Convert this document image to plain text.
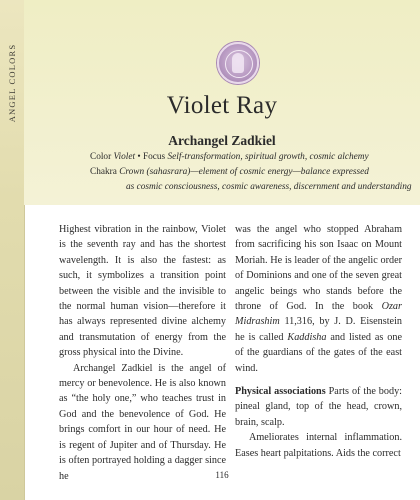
ANGEL COLORS	Violet Ray
Archangel Zadkiel
Color Violet • Focus Self-transformation, spiritual growth, cosmic alchemy
Chakra Crown (sahasrara)—element of cosmic energy—balance expressed
as cosmic consciousness, cosmic awareness, discernment and understanding

Highest vibration in the rainbow, Violet is the seventh ray and has the shortest wavelength. It is also the fastest: as such, it symbolizes a transition point between the visible and the invisible to the normal human vision—therefore it has always represented divine alchemy and transmutation of energy from the gross physical into the Divine.

Archangel Zadkiel is the angel of mercy or benevolence. He is also known as “the holy one,” who teaches trust in God and the benevolence of God. He brings comfort in our hour of need. He is regent of Jupiter and of Thursday. He is often portrayed holding a dagger since he

was the angel who stopped Abraham from sacrificing his son Isaac on Mount Moriah. He is leader of the angelic order of Dominions and one of the seven great angelic beings who stands before the throne of God. In the book Ozar Midrashim 11,316, by J. D. Eisenstein he is called Kaddisha and listed as one of the guardians of the gates of the east wind.

Physical associations Parts of the body: pineal gland, top of the head, crown, brain, scalp.

Ameliorates internal inflammation. Eases heart palpitations. Aids the correct

116
